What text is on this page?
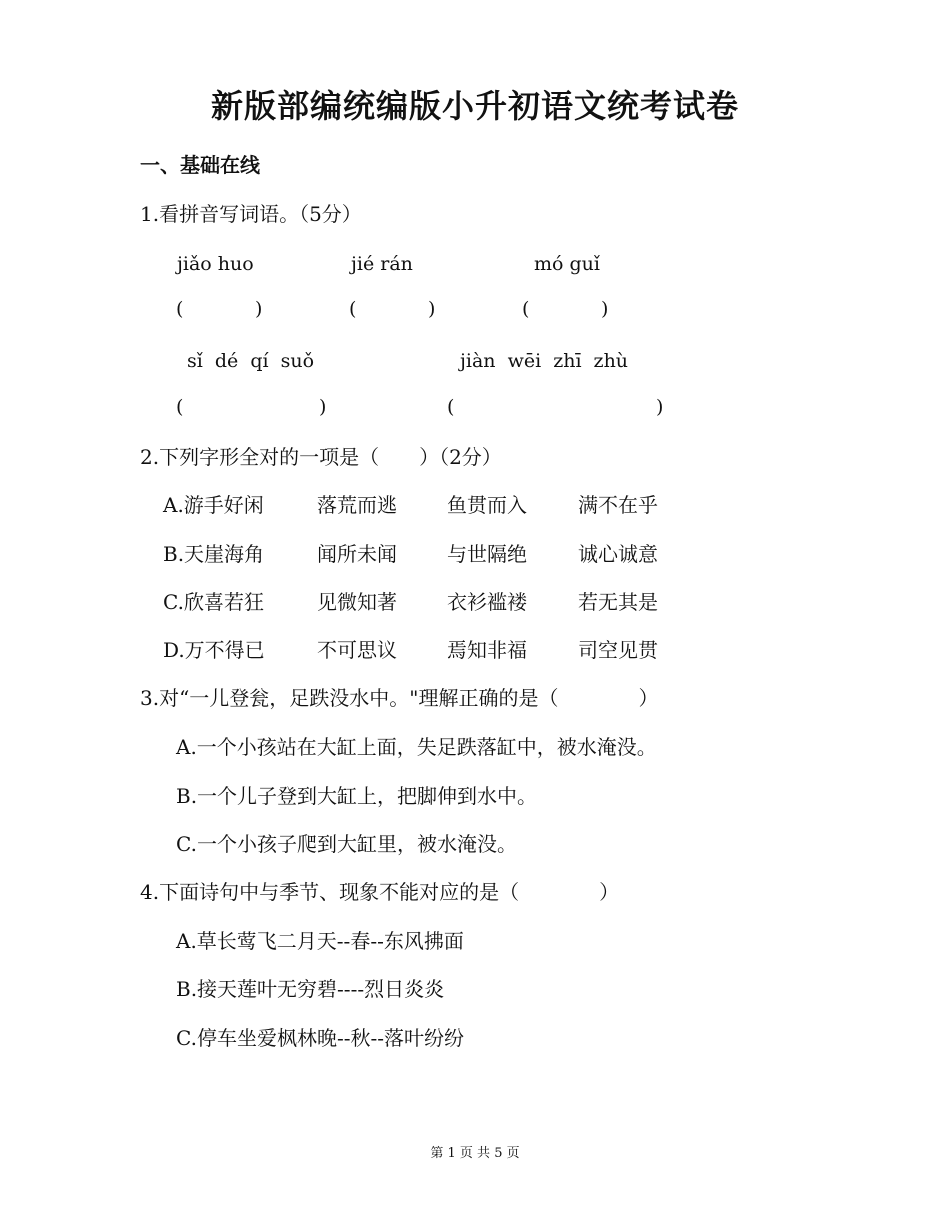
新版部编统编版小升初语文统考试卷
一、基础在线
1.看拼音写词语。（5分）
jiǎo huo	jié rán	mó guǐ
(	)	(	)	(	)
sǐ dé qí suǒ	jiàn wēi zhī zhù
(	)	(	)
2.下列字形全对的一项是（　　）（2分）
A.游手好闲	落荒而逃	鱼贯而入	满不在乎
B.天崖海角	闻所未闻	与世隔绝	诚心诚意
C.欣喜若狂	见微知著	衣衫褴褛	若无其是
D.万不得已	不可思议	焉知非福	司空见贯
3.对“一儿登瓮，足跌没水中。"理解正确的是（　　　　）
A.一个小孩站在大缸上面，失足跌落缸中，被水淹没。
B.一个儿子登到大缸上，把脚伸到水中。
C.一个小孩子爬到大缸里，被水淹没。
4.下面诗句中与季节、现象不能对应的是（　　　　）
A.草长莺飞二月天--春--东风拂面
B.接天莲叶无穷碧----烈日炎炎
C.停车坐爱枫林晚--秋--落叶纷纷
第 1 页 共 5 页
